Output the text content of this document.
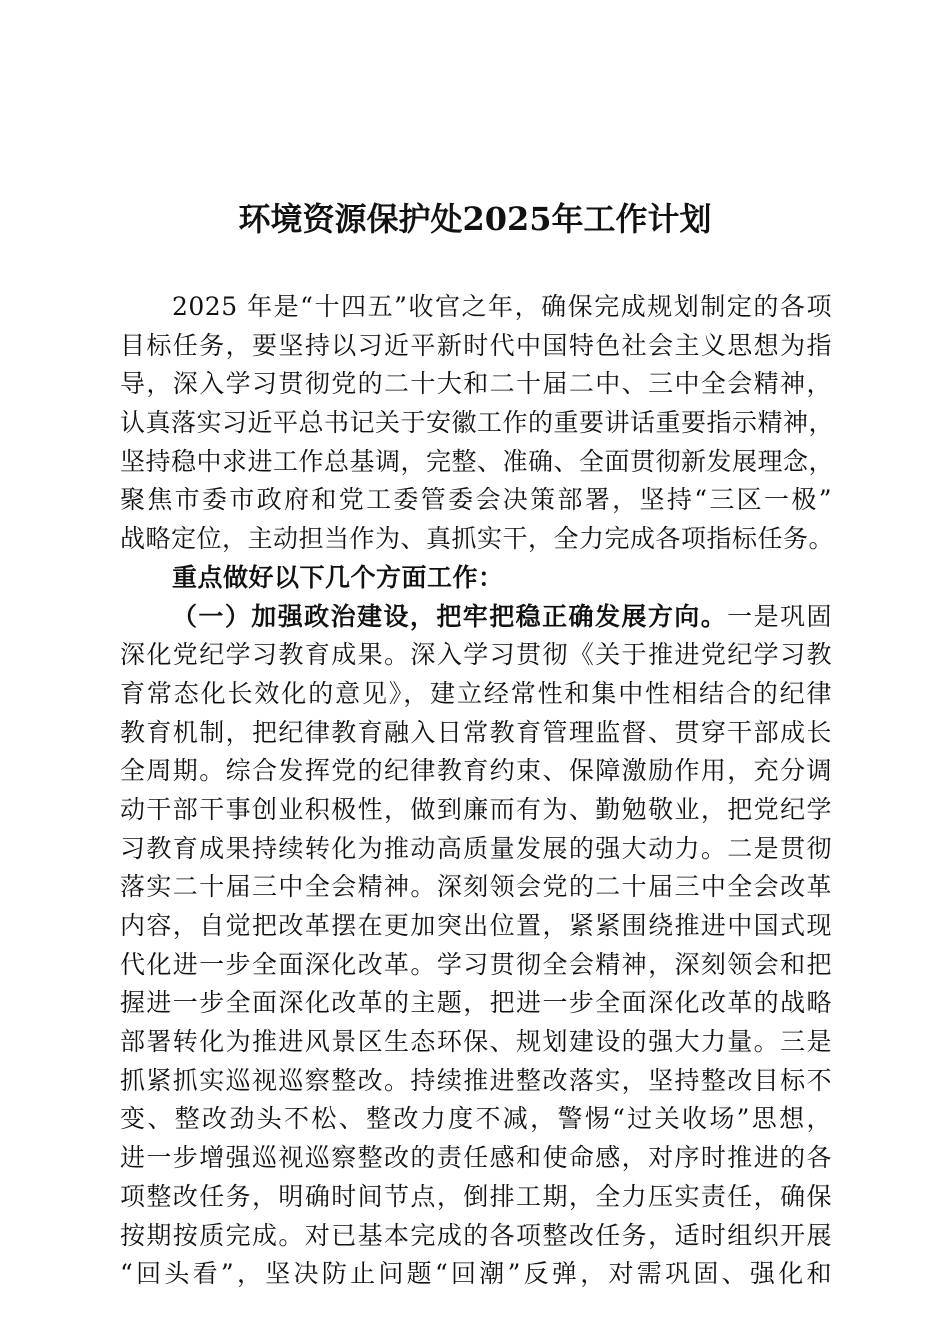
环境资源保护处2025年工作计划
2025 年是“十四五”收官之年，确保完成规划制定的各项
目标任务，要坚持以习近平新时代中国特色社会主义思想为指
导，深入学习贯彻党的二十大和二十届二中、三中全会精神，
认真落实习近平总书记关于安徽工作的重要讲话重要指示精神，
坚持稳中求进工作总基调，完整、准确、全面贯彻新发展理念，
聚焦市委市政府和党工委管委会决策部署，坚持“三区一极”
战略定位，主动担当作为、真抓实干，全力完成各项指标任务。
重点做好以下几个方面工作：
（一）加强政治建设，把牢把稳正确发展方向。一是巩固
深化党纪学习教育成果。深入学习贯彻《关于推进党纪学习教
育常态化长效化的意见》，建立经常性和集中性相结合的纪律
教育机制，把纪律教育融入日常教育管理监督、贯穿干部成长
全周期。综合发挥党的纪律教育约束、保障激励作用，充分调
动干部干事创业积极性，做到廉而有为、勤勉敬业，把党纪学
习教育成果持续转化为推动高质量发展的强大动力。二是贯彻
落实二十届三中全会精神。深刻领会党的二十届三中全会改革
内容，自觉把改革摆在更加突出位置，紧紧围绕推进中国式现
代化进一步全面深化改革。学习贯彻全会精神，深刻领会和把
握进一步全面深化改革的主题，把进一步全面深化改革的战略
部署转化为推进风景区生态环保、规划建设的强大力量。三是
抓紧抓实巡视巡察整改。持续推进整改落实，坚持整改目标不
变、整改劲头不松、整改力度不减，警惕“过关收场”思想，
进一步增强巡视巡察整改的责任感和使命感，对序时推进的各
项整改任务，明确时间节点，倒排工期，全力压实责任，确保
按期按质完成。对已基本完成的各项整改任务，适时组织开展
“回头看”，坚决防止问题“回潮”反弹，对需巩固、强化和
